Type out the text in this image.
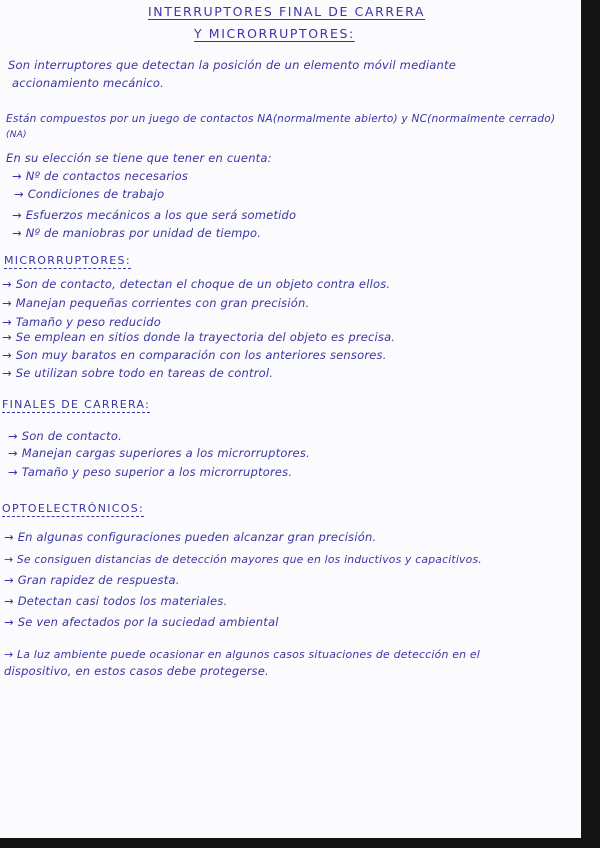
INTERRUPTORES FINAL DE CARRERA
Y MICRORRUPTORES:
Son interruptores que detectan la posición de un elemento móvil mediante
accionamiento mecánico.
Están compuestos por un juego de contactos NA(normalmente abierto) y NC(normalmente cerrado)
(NA)
En su elección se tiene que tener en cuenta:
→ Nº de contactos necesarios
→ Condiciones de trabajo
→ Esfuerzos mecánicos a los que será sometido
→ Nº de maniobras por unidad de tiempo.
MICRORRUPTORES:
→ Son de contacto, detectan el choque de un objeto contra ellos.
→ Manejan pequeñas corrientes con gran precisión.
→ Tamaño y peso reducido
→ Se emplean en sitios donde la trayectoria del objeto es precisa.
→ Son muy baratos en comparación con los anteriores sensores.
→ Se utilizan sobre todo en tareas de control.
FINALES DE CARRERA:
→ Son de contacto.
→ Manejan cargas superiores a los microrruptores.
→ Tamaño y peso superior a los microrruptores.
OPTOELECTRÓNICOS:
→ En algunas configuraciones pueden alcanzar gran precisión.
→ Se consiguen distancias de detección mayores que en los inductivos y capacitivos.
→ Gran rapidez de respuesta.
→ Detectan casi todos los materiales.
→ Se ven afectados por la suciedad ambiental
→ La luz ambiente puede ocasionar en algunos casos situaciones de detección en el
dispositivo, en estos casos debe protegerse.
